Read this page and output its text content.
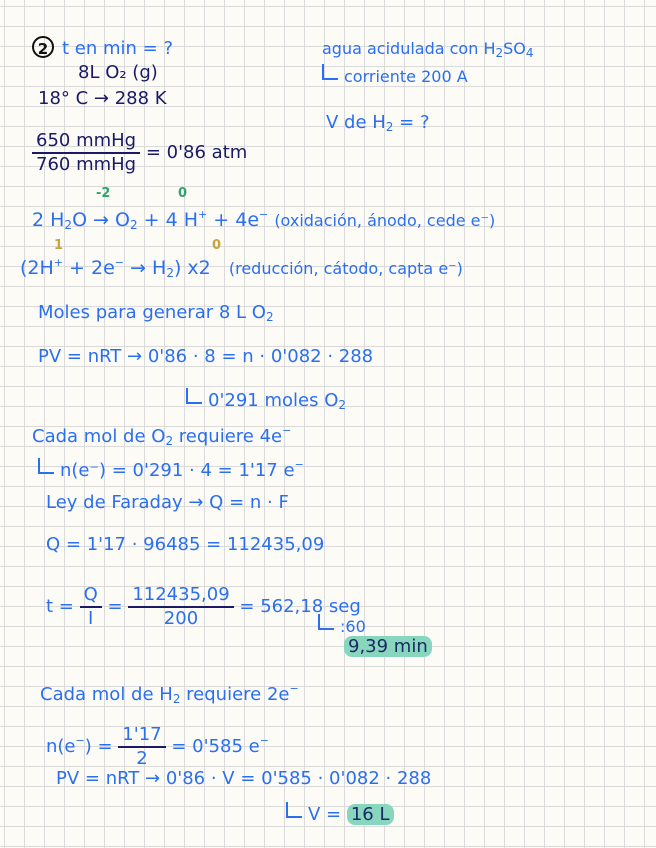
2 t en min = ?
8L O₂ (g)
18° C → 288 K
agua acidulada con $H_2SO_4$
corriente 200 A
V de $H_2$ = ?
$\frac{\text{650 mmHg}}{\text{760 mmHg}} = 0'86$ atm
-2	0
1	0
2 $H_2O \to O_2 + 4$ H+ + 4e− (oxidación, ánodo, cede e⁻)
$(2H^+ + 2e^- \to H_2)$ x2   (reducción, cátodo, capta e⁻)
Moles para generar 8 L $O_2$
PV = nRT → 0'86 · 8 = n · 0'082 · 288
0'291 moles $O_2$
Cada mol de $O_2$ requiere 4e−
n(e⁻) = 0'291 · 4 = 1'17 e−
Ley de Faraday → Q = n · F
Q = 1'17 · 96485 = 112435,09
$t = \frac{Q}{I} = \frac{112435,09}{200} = 562,18$ seg
:60
9,39 min
Cada mol de $H_2$ requiere 2e−
$n(e^-) = \frac{1'17}{2} = 0'585$ e−
PV = nRT → 0'86 · V = 0'585 · 0'082 · 288
V = 16 L
